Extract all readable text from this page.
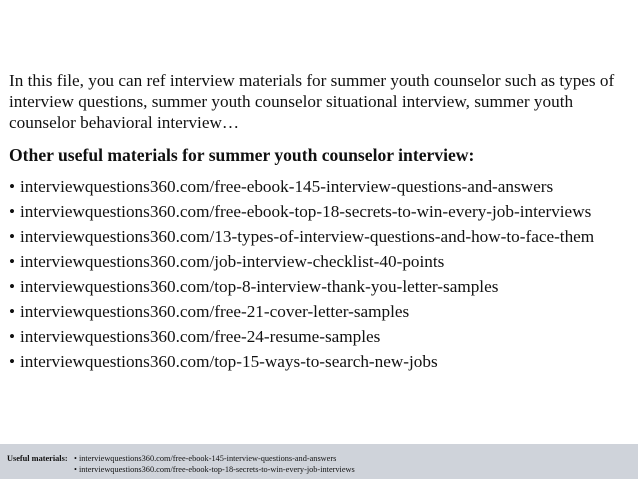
In this file, you can ref interview materials for summer youth counselor such as types of
interview questions, summer youth counselor situational interview, summer youth
counselor behavioral interview…

Other useful materials for summer youth counselor interview:

• interviewquestions360.com/free-ebook-145-interview-questions-and-answers
• interviewquestions360.com/free-ebook-top-18-secrets-to-win-every-job-interviews
• interviewquestions360.com/13-types-of-interview-questions-and-how-to-face-them
• interviewquestions360.com/job-interview-checklist-40-points
• interviewquestions360.com/top-8-interview-thank-you-letter-samples
• interviewquestions360.com/free-21-cover-letter-samples
• interviewquestions360.com/free-24-resume-samples
• interviewquestions360.com/top-15-ways-to-search-new-jobs
Useful materials: • interviewquestions360.com/free-ebook-145-interview-questions-and-answers
• interviewquestions360.com/free-ebook-top-18-secrets-to-win-every-job-interviews
